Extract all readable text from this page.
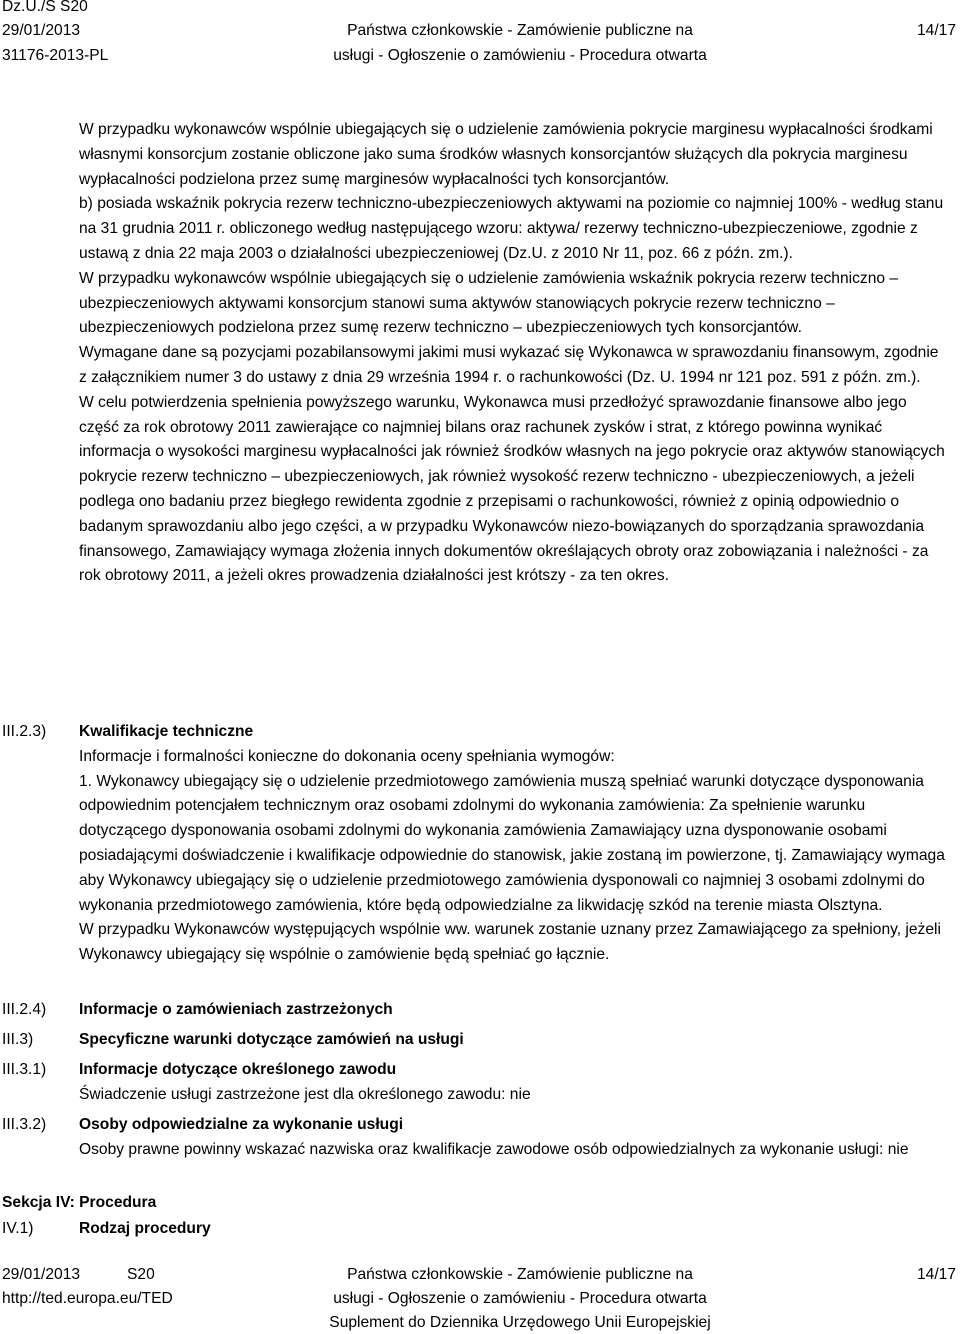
Dz.U./S S20
29/01/2013
31176-2013-PL
Państwa członkowskie - Zamówienie publiczne na
usługi - Ogłoszenie o zamówieniu - Procedura otwarta
14/17

W przypadku wykonawców wspólnie ubiegających się o udzielenie zamówienia pokrycie marginesu wypłacalności środkami własnymi konsorcjum zostanie obliczone jako suma środków własnych konsorcjantów służących dla pokrycia marginesu wypłacalności podzielona przez sumę marginesów wypłacalności tych konsorcjantów.

b) posiada wskaźnik pokrycia rezerw techniczno-ubezpieczeniowych aktywami na poziomie co najmniej 100% - według stanu na 31 grudnia 2011 r. obliczonego według następującego wzoru: aktywa/ rezerwy techniczno-ubezpieczeniowe, zgodnie z ustawą z dnia 22 maja 2003 o działalności ubezpieczeniowej (Dz.U. z 2010 Nr 11, poz. 66 z późn. zm.).

W przypadku wykonawców wspólnie ubiegających się o udzielenie zamówienia wskaźnik pokrycia rezerw techniczno – ubezpieczeniowych aktywami konsorcjum stanowi suma aktywów stanowiących pokrycie rezerw techniczno – ubezpieczeniowych podzielona przez sumę rezerw techniczno – ubezpieczeniowych tych konsorcjantów.

Wymagane dane są pozycjami pozabilansowymi jakimi musi wykazać się Wykonawca w sprawozdaniu finansowym, zgodnie z załącznikiem numer 3 do ustawy z dnia 29 września 1994 r. o rachunkowości (Dz. U. 1994 nr 121 poz. 591 z późn. zm.).

W celu potwierdzenia spełnienia powyższego warunku, Wykonawca musi przedłożyć sprawozdanie finansowe albo jego część za rok obrotowy 2011 zawierające co najmniej bilans oraz rachunek zysków i strat, z którego powinna wynikać informacja o wysokości marginesu wypłacalności jak również środków własnych na jego pokrycie oraz aktywów stanowiących pokrycie rezerw techniczno – ubezpieczeniowych, jak również wysokość rezerw techniczno - ubezpieczeniowych, a jeżeli podlega ono badaniu przez biegłego rewidenta zgodnie z przepisami o rachunkowości, również z opinią odpowiednio o badanym sprawozdaniu albo jego części, a w przypadku Wykonawców niezo-bowiązanych do sporządzania sprawozdania finansowego, Zamawiający wymaga złożenia innych dokumentów określających obroty oraz zobowiązania i należności - za rok obrotowy 2011, a jeżeli okres prowadzenia działalności jest krótszy - za ten okres.

III.2.3) Kwalifikacje techniczne

Informacje i formalności konieczne do dokonania oceny spełniania wymogów:

1. Wykonawcy ubiegający się o udzielenie przedmiotowego zamówienia muszą spełniać warunki dotyczące dysponowania odpowiednim potencjałem technicznym oraz osobami zdolnymi do wykonania zamówienia: Za spełnienie warunku dotyczącego dysponowania osobami zdolnymi do wykonania zamówienia Zamawiający uzna dysponowanie osobami posiadającymi doświadczenie i kwalifikacje odpowiednie do stanowisk, jakie zostaną im powierzone, tj. Zamawiający wymaga aby Wykonawcy ubiegający się o udzielenie przedmiotowego zamówienia dysponowali co najmniej 3 osobami zdolnymi do wykonania przedmiotowego zamówienia, które będą odpowiedzialne za likwidację szkód na terenie miasta Olsztyna.

W przypadku Wykonawców występujących wspólnie ww. warunek zostanie uznany przez Zamawiającego za spełniony, jeżeli Wykonawcy ubiegający się wspólnie o zamówienie będą spełniać go łącznie.

III.2.4) Informacje o zamówieniach zastrzeżonych
III.3)	Specyficzne warunki dotyczące zamówień na usługi
III.3.1) Informacje dotyczące określonego zawodu

Świadczenie usługi zastrzeżone jest dla określonego zawodu: nie

III.3.2) Osoby odpowiedzialne za wykonanie usługi

Osoby prawne powinny wskazać nazwiska oraz kwalifikacje zawodowe osób odpowiedzialnych za wykonanie usługi: nie

Sekcja IV: Procedura
IV.1)	Rodzaj procedury
29/01/2013	S20
http://ted.europa.eu/TED
Państwa członkowskie - Zamówienie publiczne na
usługi - Ogłoszenie o zamówieniu - Procedura otwarta
Suplement do Dziennika Urzędowego Unii Europejskiej
14/17
